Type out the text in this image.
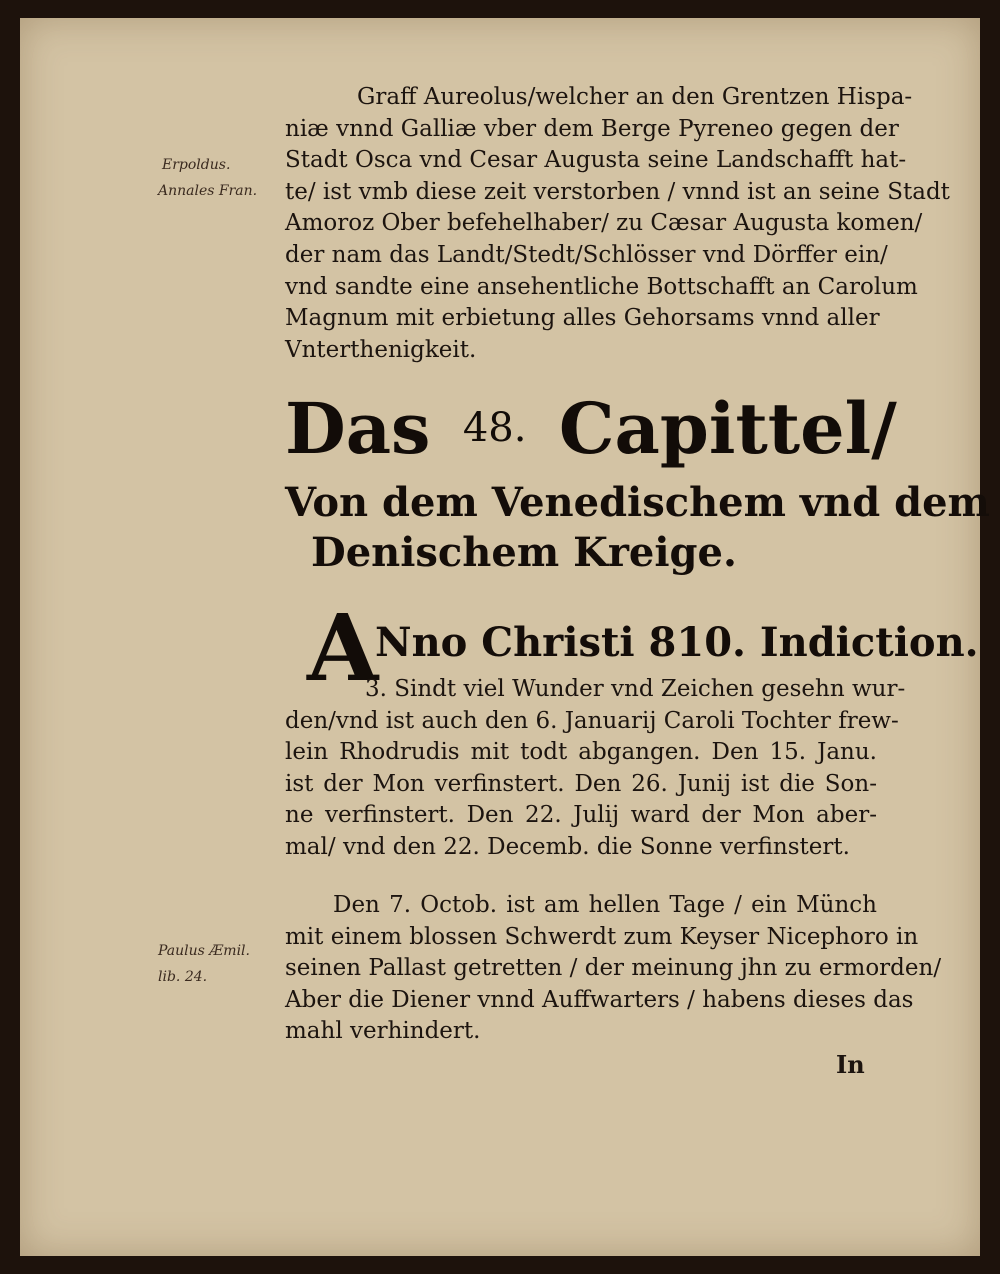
Erpoldus.
Annales Fran.

Graff Aureolus/welcher an den Grentzen Hispa-
niæ vnnd Galliæ vber dem Berge Pyreneo gegen der
Stadt Osca vnd Cesar Augusta seine Landschafft hat-
te/ ist vmb diese zeit verstorben / vnnd ist an seine Stadt
Amoroz Ober befehelhaber/ zu Cæsar Augusta komen/
der nam das Landt/Stedt/Schlösser vnd Dörffer ein/
vnd sandte eine ansehentliche Bottschafft an Carolum
Magnum mit erbietung alles Gehorsams vnnd aller
Vnterthenigkeit.

Das 48. Capittel/
Von dem Venedischem vnd dem
Denischem Kreige.
A
Nno Christi 810. Indiction.

3. Sindt viel Wunder vnd Zeichen gesehn wur-
den/vnd ist auch den 6. Januarij Caroli Tochter frew-
lein Rhodrudis mit todt abgangen. Den 15. Janu.
ist der Mon verfinstert. Den 26. Junij ist die Son-
ne verfinstert. Den 22. Julij ward der Mon aber-
mal/ vnd den 22. Decemb. die Sonne verfinstert.

Paulus Æmil.
lib. 24.

Den 7. Octob. ist am hellen Tage / ein Münch
mit einem blossen Schwerdt zum Keyser Nicephoro in
seinen Pallast getretten / der meinung jhn zu ermorden/
Aber die Diener vnnd Auffwarters / habens dieses das
mahl verhindert.

In
